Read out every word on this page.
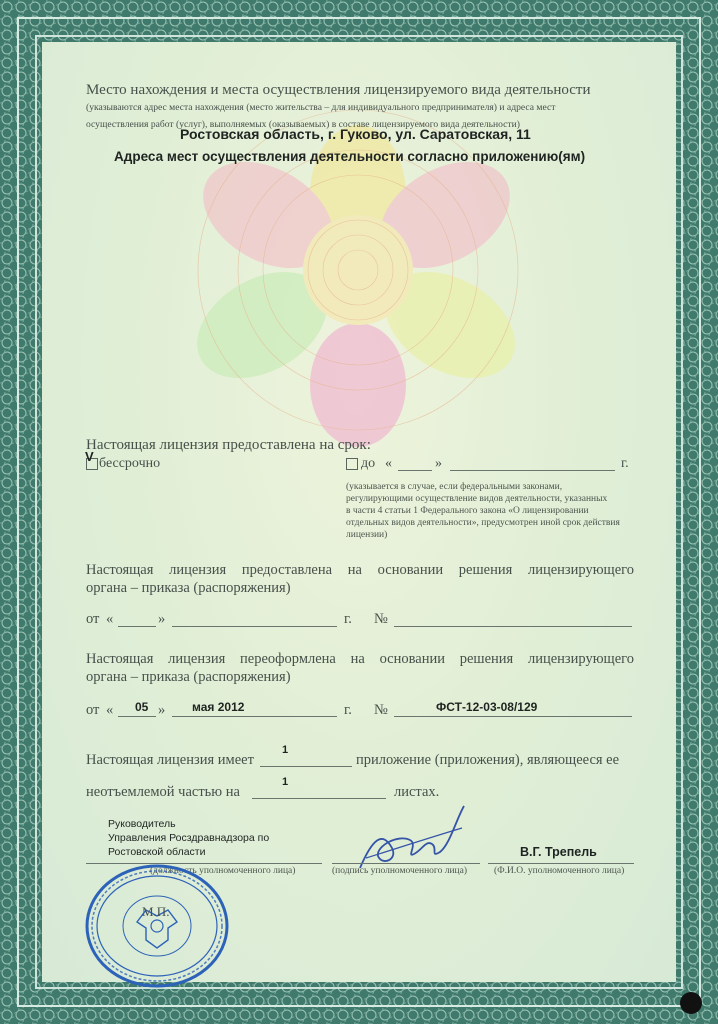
Место нахождения и места осуществления лицензируемого вида деятельности
(указываются адрес места нахождения (место жительства – для индивидуального предпринимателя) и адреса мест
осуществления работ (услуг), выполняемых (оказываемых) в составе лицензируемого вида деятельности)
Ростовская область, г. Гуково, ул. Саратовская, 11
Адреса мест осуществления деятельности согласно приложению(ям)
Настоящая лицензия предоставлена на срок:
V бессрочно	до «	»	г.
(указывается в случае, если федеральными законами,
регулирующими осуществление видов деятельности, указанных
в части 4 статьи 1 Федерального закона «О лицензировании
отдельных видов деятельности», предусмотрен иной срок действия
лицензии)
Настоящая лицензия предоставлена на основании решения лицензирующего
органа – приказа (распоряжения)
от «	»	г. №
Настоящая лицензия переоформлена на основании решения лицензирующего
органа – приказа (распоряжения)
от « 05 » мая 2012	г. №	ФСТ-12-03-08/129
Настоящая лицензия имеет
1
приложение (приложения), являющееся ее
неотъемлемой частью на
1
листах.
Руководитель
Управления Росздравнадзора по
Ростовской области
(должность уполномоченного лица)	(подпись уполномоченного лица)
В.Г. Трепель
(Ф.И.О. уполномоченного лица)
М.П.
